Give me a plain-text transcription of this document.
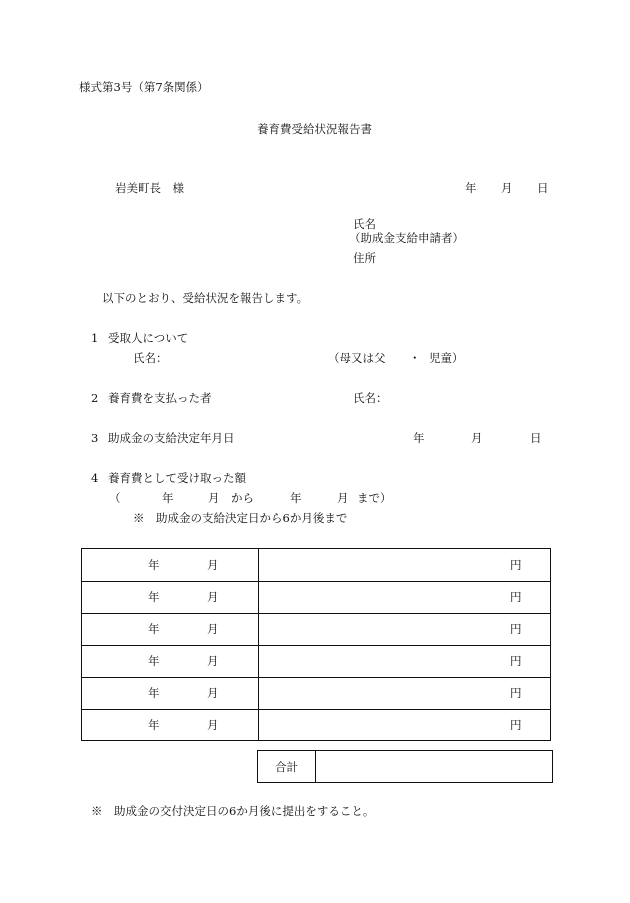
様式第3号（第7条関係）
養育費受給状況報告書
岩美町長　様	年 月 日
氏名
（助成金支給申請者）
住所
以下のとおり、受給状況を報告します。
1 受取人について
氏名：	（母又は父 ・ 児童）
2 養育費を支払った者	氏名：
3 助成金の支給決定年月日	年	月	日
4 養育費として受け取った額
（	年	月 から	年	月 まで）
※　助成金の支給決定日から6か月後まで
年	月	円
年	月	円
年	月	円
年	月	円
年	月	円
年	月	円
合計
※　助成金の交付決定日の6か月後に提出をすること。
